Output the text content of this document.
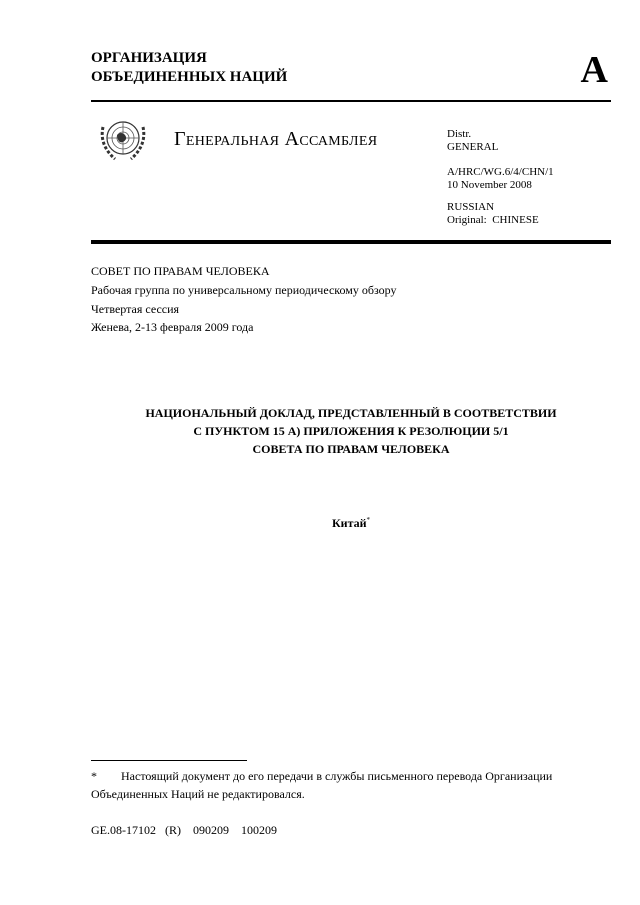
ОРГАНИЗАЦИЯ
ОБЪЕДИНЕННЫХ НАЦИЙ	A
Генеральная Ассамблея	Distr.
GENERAL
A/HRC/WG.6/4/CHN/1
10 November 2008
RUSSIAN
Original:  CHINESE
СОВЕТ ПО ПРАВАМ ЧЕЛОВЕКА
Рабочая группа по универсальному периодическому обзору
Четвертая сессия
Женева, 2-13 февраля 2009 года
НАЦИОНАЛЬНЫЙ ДОКЛАД, ПРЕДСТАВЛЕННЫЙ В СООТВЕТСТВИИ
С ПУНКТОМ 15 А) ПРИЛОЖЕНИЯ К РЕЗОЛЮЦИИ 5/1
СОВЕТА ПО ПРАВАМ ЧЕЛОВЕКА
Китай*
* Настоящий документ до его передачи в службы письменного перевода Организации Объединенных Наций не редактировался.
GE.08-17102   (R)    090209    100209
